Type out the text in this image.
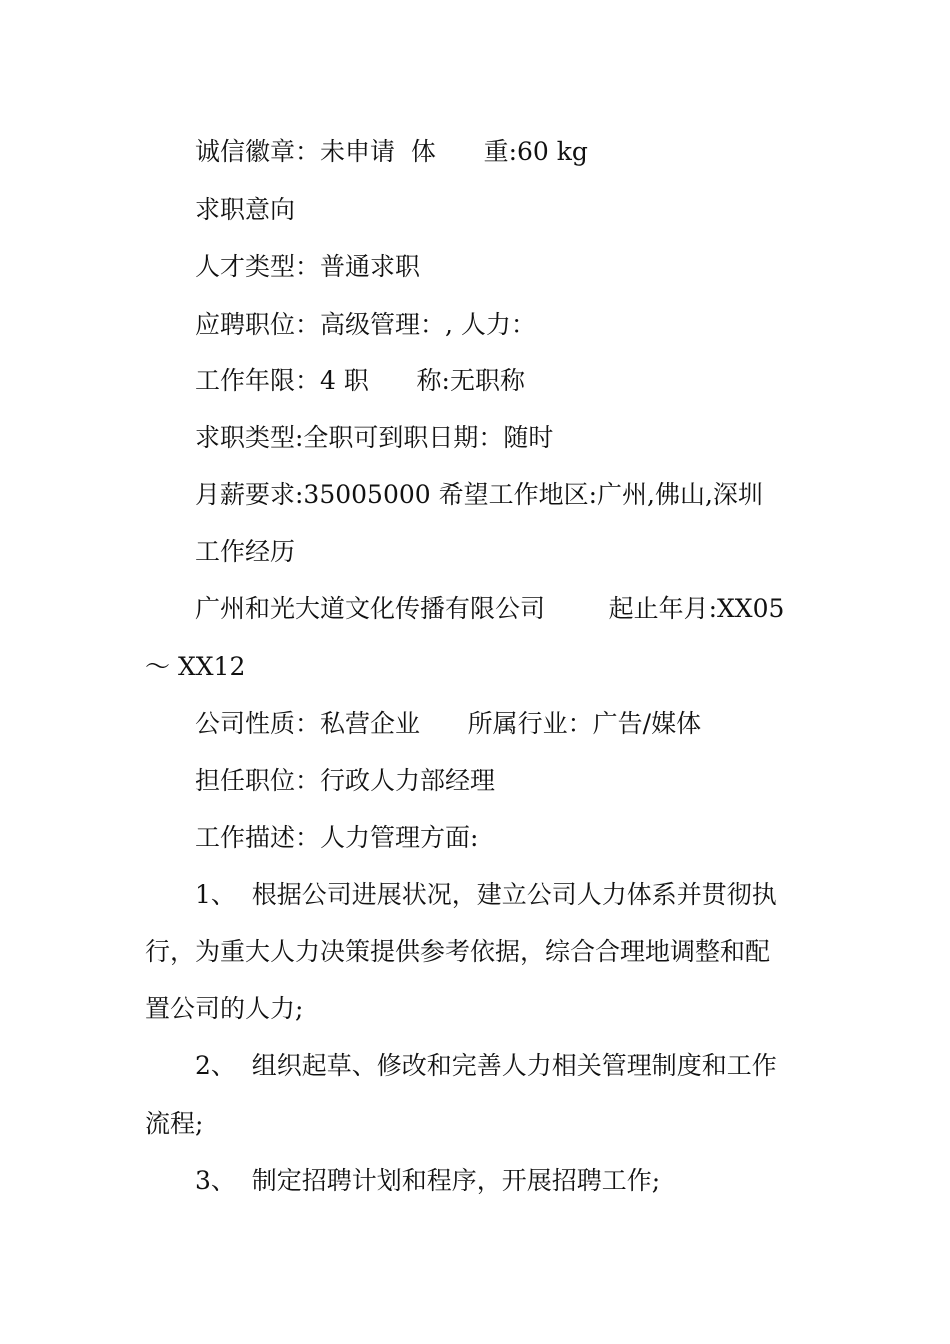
诚信徽章：未申请  体      重:60 kg
求职意向
人才类型：普通求职
应聘职位：高级管理：, 人力：
工作年限：4 职      称:无职称
求职类型:全职可到职日期：随时
月薪要求:35005000 希望工作地区:广州,佛山,深圳
工作经历
广州和光大道文化传播有限公司        起止年月:XX05
～ XX12
公司性质：私营企业      所属行业：广告/媒体
担任职位：行政人力部经理
工作描述：人力管理方面:
1、  根据公司进展状况，建立公司人力体系并贯彻执
行，为重大人力决策提供参考依据，综合合理地调整和配
置公司的人力;
2、  组织起草、修改和完善人力相关管理制度和工作
流程;
3、  制定招聘计划和程序，开展招聘工作;
